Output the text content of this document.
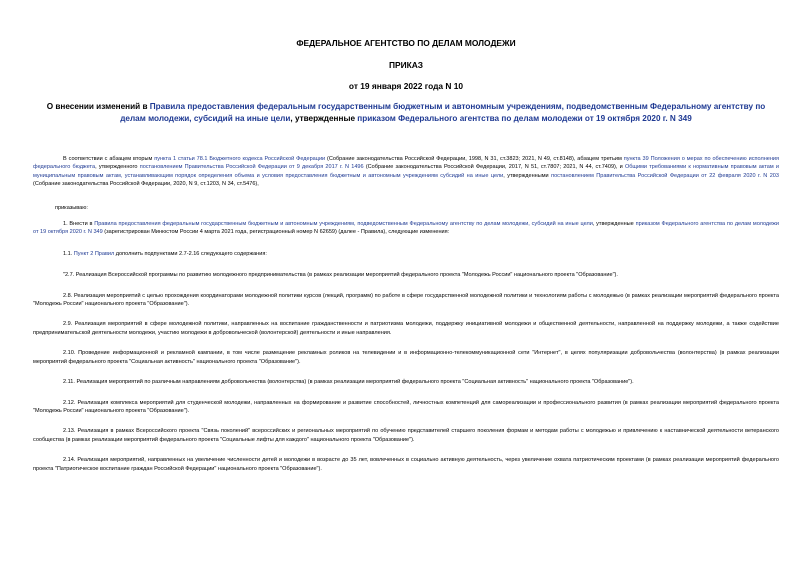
ФЕДЕРАЛЬНОЕ АГЕНТСТВО ПО ДЕЛАМ МОЛОДЕЖИ
ПРИКАЗ
от 19 января 2022 года N 10
О внесении изменений в Правила предоставления федеральным государственным бюджетным и автономным учреждениям, подведомственным Федеральному агентству по делам молодежи, субсидий на иные цели, утвержденные приказом Федерального агентства по делам молодежи от 19 октября 2020 г. N 349

В соответствии с абзацем вторым пункта 1 статьи 78.1 Бюджетного кодекса Российской Федерации (Собрание законодательства Российской Федерации, 1998, N 31, ст.3823; 2021, N 49, ст.8148), абзацем третьим пункта 39 Положения о мерах по обеспечению исполнения федерального бюджета, утвержденного постановлением Правительства Российской Федерации от 9 декабря 2017 г. N 1496 (Собрание законодательства Российской Федерации, 2017, N 51, ст.7807; 2021, N 44, ст.7409), и Общими требованиями к нормативным правовым актам и муниципальным правовым актам, устанавливающим порядок определения объема и условия предоставления бюджетным и автономным учреждениям субсидий на иные цели, утвержденными постановлением Правительства Российской Федерации от 22 февраля 2020 г. N 203 (Собрание законодательства Российской Федерации, 2020, N 9, ст.1203, N 34, ст.5476),

приказываю:

1. Внести в Правила предоставления федеральным государственным бюджетным и автономным учреждениям, подведомственным Федеральному агентству по делам молодежи, субсидий на иные цели, утвержденные приказом Федерального агентства по делам молодежи от 19 октября 2020 г. N 349 (зарегистрирован Минюстом России 4 марта 2021 года, регистрационный номер N 62659) (далее - Правила), следующие изменения:

1.1. Пункт 2 Правил дополнить подпунктами 2.7-2.16 следующего содержания:

"2.7. Реализация Всероссийской программы по развитию молодежного предпринимательства (в рамках реализации мероприятий федерального проекта "Молодежь России" национального проекта "Образование").

2.8. Реализация мероприятий с целью прохождения координаторами молодежной политики курсов (лекций, программ) по работе в сфере государственной молодежной политики и технологиям работы с молодежью (в рамках реализации мероприятий федерального проекта "Молодежь России" национального проекта "Образование").

2.9. Реализация мероприятий в сфере молодежной политики, направленных на воспитание гражданственности и патриотизма молодежи, поддержку инициативной молодежи и общественной деятельности, направленной на поддержку молодежи, а также содействие предпринимательской деятельности молодежи, участию молодежи в добровольческой (волонтерской) деятельности и иные направления.

2.10. Проведение информационной и рекламной кампании, в том числе размещение рекламных роликов на телевидении и в информационно-телекоммуникационной сети "Интернет", в целях популяризации добровольчества (волонтерства) (в рамках реализации мероприятий федерального проекта "Социальная активность" национального проекта "Образование").

2.11. Реализация мероприятий по различным направлениям добровольчества (волонтерства) (в рамках реализации мероприятий федерального проекта "Социальная активность" национального проекта "Образование").

2.12. Реализация комплекса мероприятий для студенческой молодежи, направленных на формирование и развитие способностей, личностных компетенций для самореализации и профессионального развития (в рамках реализации мероприятий федерального проекта "Молодежь России" национального проекта "Образование").

2.13. Реализация в рамках Всероссийского проекта "Связь поколений" всероссийских и региональных мероприятий по обучению представителей старшего поколения формам и методам работы с молодежью и привлечению к наставнической деятельности ветеранского сообщества (в рамках реализации мероприятий федерального проекта "Социальные лифты для каждого" национального проекта "Образование").

2.14. Реализация мероприятий, направленных на увеличение численности детей и молодежи в возрасте до 35 лет, вовлеченных в социально активную деятельность, через увеличение охвата патриотическим проектами (в рамках реализации мероприятий федерального проекта "Патриотическое воспитание граждан Российской Федерации" национального проекта "Образование").
